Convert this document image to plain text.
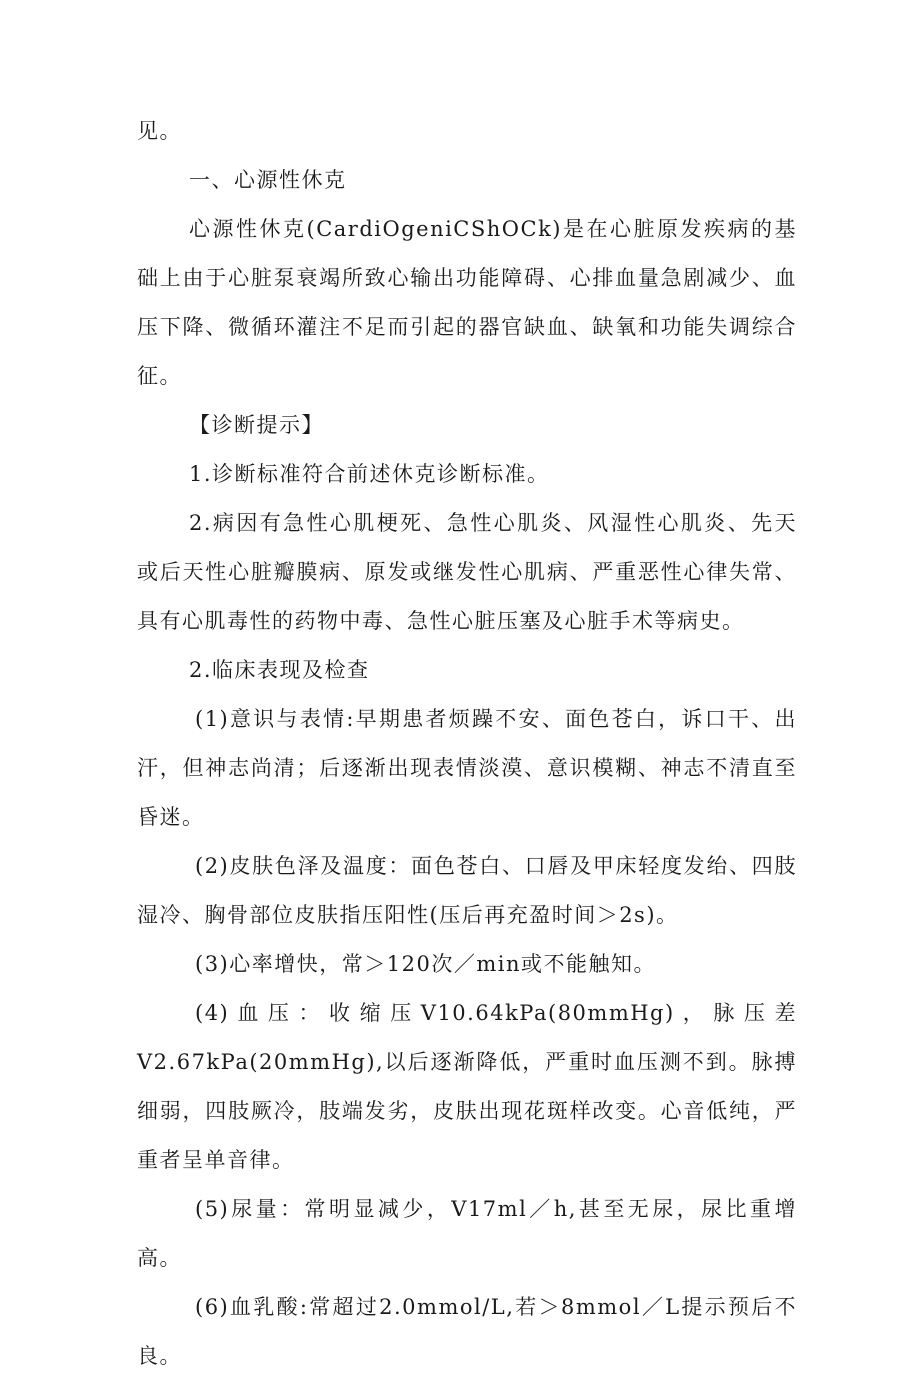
见。

一、心源性休克

心源性休克(CardiOgeniCShOCk)是在心脏原发疾病的基础上由于心脏泵衰竭所致心输出功能障碍、心排血量急剧减少、血压下降、微循环灌注不足而引起的器官缺血、缺氧和功能失调综合征。

【诊断提示】

1.诊断标准符合前述休克诊断标准。

2.病因有急性心肌梗死、急性心肌炎、风湿性心肌炎、先天或后天性心脏瓣膜病、原发或继发性心肌病、严重恶性心律失常、具有心肌毒性的药物中毒、急性心脏压塞及心脏手术等病史。

2.临床表现及检查

(1)意识与表情:早期患者烦躁不安、面色苍白，诉口干、出汗，但神志尚清；后逐渐出现表情淡漠、意识模糊、神志不清直至昏迷。

(2)皮肤色泽及温度：面色苍白、口唇及甲床轻度发绐、四肢湿冷、胸骨部位皮肤指压阳性(压后再充盈时间＞2s)。

(3)心率增快，常＞120次／min或不能触知。

(4)血压：收缩压V10.64kPa(80mmHg)，脉压差V2.67kPa(20mmHg),以后逐渐降低，严重时血压测不到。脉搏细弱，四肢厥冷，肢端发劣，皮肤出现花斑样改变。心音低纯，严重者呈单音律。

(5)尿量：常明显减少，V17ml／h,甚至无尿，尿比重增高。

(6)血乳酸:常超过2.0mmol/L,若＞8mmol／L提示预后不良。
